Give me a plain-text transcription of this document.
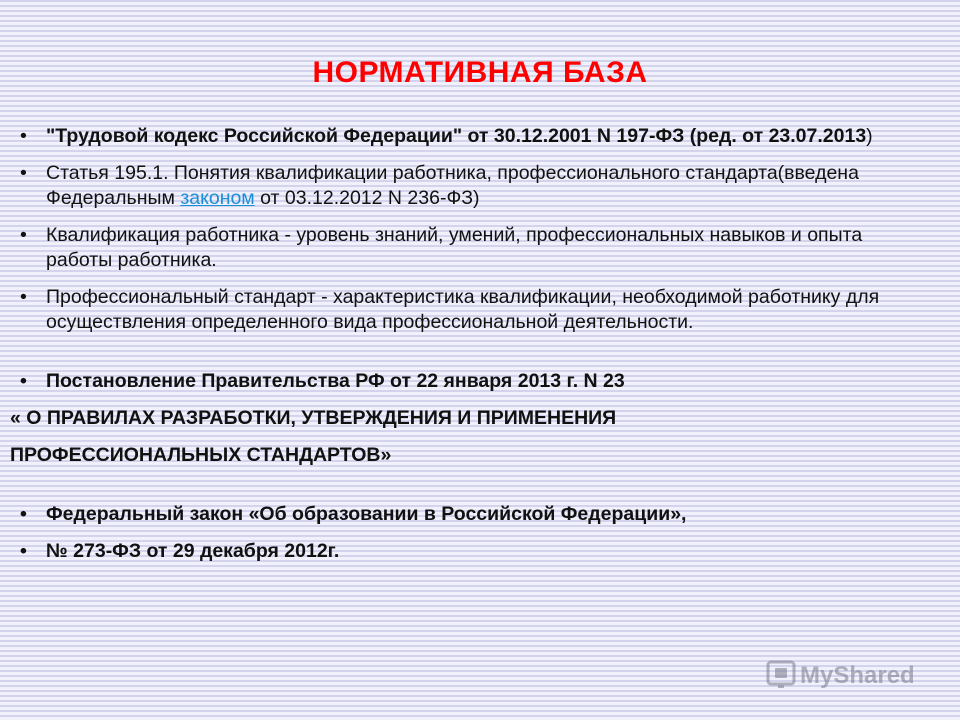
НОРМАТИВНАЯ БАЗА
• "Трудовой кодекс Российской Федерации" от 30.12.2001 N 197-ФЗ (ред. от 23.07.2013)
• Статья 195.1. Понятия квалификации работника, профессионального стандарта(введена Федеральным законом от 03.12.2012 N 236-ФЗ)
• Квалификация работника - уровень знаний, умений, профессиональных навыков и опыта работы работника.
• Профессиональный стандарт - характеристика квалификации, необходимой работнику для осуществления определенного вида профессиональной деятельности.
• Постановление Правительства РФ от 22 января 2013 г. N 23
« О ПРАВИЛАХ РАЗРАБОТКИ, УТВЕРЖДЕНИЯ И ПРИМЕНЕНИЯ
ПРОФЕССИОНАЛЬНЫХ СТАНДАРТОВ»
• Федеральный закон «Об образовании в Российской Федерации»,
• № 273-ФЗ от 29 декабря 2012г.
MyShared
